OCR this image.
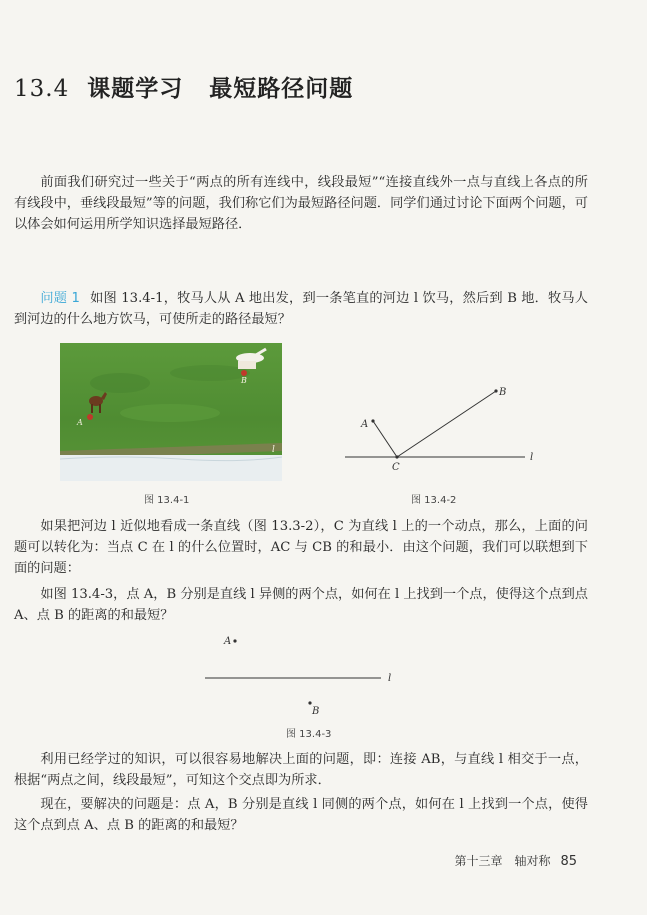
13.4 课题学习 最短路径问题

前面我们研究过一些关于“两点的所有连线中，线段最短”“连接直线外一点与直线上各点的所有线段中，垂线段最短”等的问题，我们称它们为最短路径问题．同学们通过讨论下面两个问题，可以体会如何运用所学知识选择最短路径．

问题 1 如图 13.4-1，牧马人从 A 地出发，到一条笔直的河边 l 饮马，然后到 B 地．牧马人到河边的什么地方饮马，可使所走的路径最短？

B
A
l
图 13.4-1
A
B
C
l
图 13.4-2

如果把河边 l 近似地看成一条直线（图 13.3-2），C 为直线 l 上的一个动点，那么，上面的问题可以转化为：当点 C 在 l 的什么位置时，AC 与 CB 的和最小．由这个问题，我们可以联想到下面的问题：

如图 13.4-3，点 A，B 分别是直线 l 异侧的两个点，如何在 l 上找到一个点，使得这个点到点 A、点 B 的距离的和最短？

A
l
B
图 13.4-3

利用已经学过的知识，可以很容易地解决上面的问题，即：连接 AB，与直线 l 相交于一点，根据“两点之间，线段最短”，可知这个交点即为所求．

现在，要解决的问题是：点 A，B 分别是直线 l 同侧的两个点，如何在 l 上找到一个点，使得这个点到点 A、点 B 的距离的和最短？

第十三章　轴对称 85
